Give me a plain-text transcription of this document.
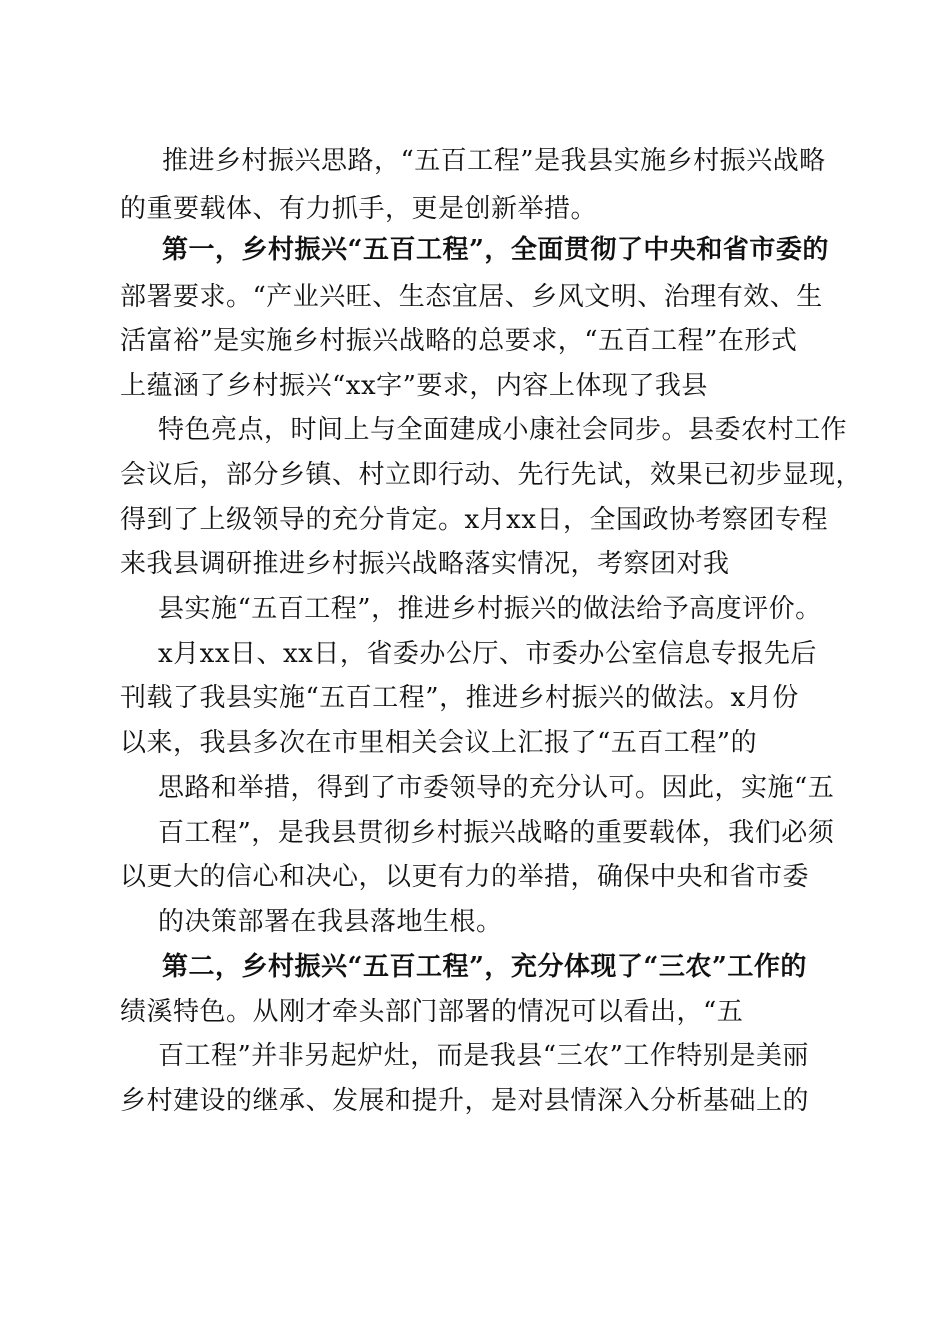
推进乡村振兴思路，“五百工程”是我县实施乡村振兴战略
的重要载体、有力抓手，更是创新举措。
第一，乡村振兴“五百工程”，全面贯彻了中央和省市委的
部署要求。“产业兴旺、生态宜居、乡风文明、治理有效、生
活富裕”是实施乡村振兴战略的总要求，“五百工程”在形式
上蕴涵了乡村振兴“xx字”要求，内容上体现了我县
特色亮点，时间上与全面建成小康社会同步。县委农村工作
会议后，部分乡镇、村立即行动、先行先试，效果已初步显现，
得到了上级领导的充分肯定。x月xx日，全国政协考察团专程
来我县调研推进乡村振兴战略落实情况，考察团对我
县实施“五百工程”，推进乡村振兴的做法给予高度评价。
x月xx日、xx日，省委办公厅、市委办公室信息专报先后
刊载了我县实施“五百工程”，推进乡村振兴的做法。x月份
以来，我县多次在市里相关会议上汇报了“五百工程”的
思路和举措，得到了市委领导的充分认可。因此，实施“五
百工程”，是我县贯彻乡村振兴战略的重要载体，我们必须
以更大的信心和决心，以更有力的举措，确保中央和省市委
的决策部署在我县落地生根。
第二，乡村振兴“五百工程”，充分体现了“三农”工作的
绩溪特色。从刚才牵头部门部署的情况可以看出，“五
百工程”并非另起炉灶，而是我县“三农”工作特别是美丽
乡村建设的继承、发展和提升，是对县情深入分析基础上的
